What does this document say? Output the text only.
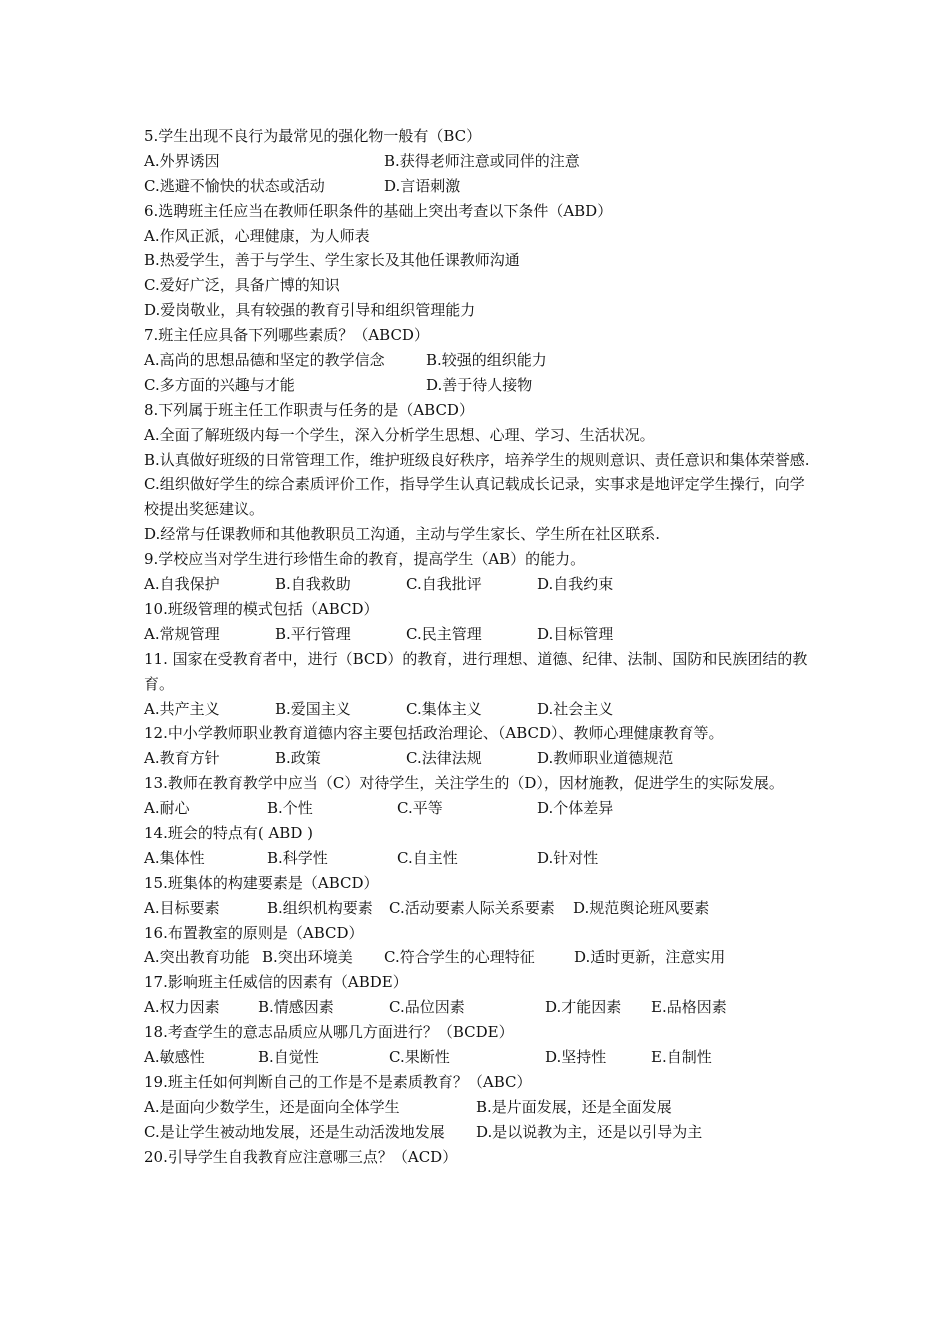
5.学生出现不良行为最常见的强化物一般有（BC）
A.外界诱因	B.获得老师注意或同伴的注意
C.逃避不愉快的状态或活动	D.言语刺激
6.选聘班主任应当在教师任职条件的基础上突出考查以下条件（ABD）
A.作风正派，心理健康，为人师表
B.热爱学生，善于与学生、学生家长及其他任课教师沟通
C.爱好广泛，具备广博的知识
D.爱岗敬业，具有较强的教育引导和组织管理能力
7.班主任应具备下列哪些素质？（ABCD）
A.高尚的思想品德和坚定的教学信念	B.较强的组织能力
C.多方面的兴趣与才能	D.善于待人接物
8.下列属于班主任工作职责与任务的是（ABCD）
A.全面了解班级内每一个学生，深入分析学生思想、心理、学习、生活状况。
B.认真做好班级的日常管理工作，维护班级良好秩序，培养学生的规则意识、责任意识和集体荣誉感.
C.组织做好学生的综合素质评价工作，指导学生认真记载成长记录，实事求是地评定学生操行，向学校提出奖惩建议。
D.经常与任课教师和其他教职员工沟通，主动与学生家长、学生所在社区联系.
9.学校应当对学生进行珍惜生命的教育，提高学生（AB）的能力。
A.自我保护	B.自我救助	C.自我批评	D.自我约束
10.班级管理的模式包括（ABCD）
A.常规管理	B.平行管理	C.民主管理	D.目标管理
11. 国家在受教育者中，进行（BCD）的教育，进行理想、道德、纪律、法制、国防和民族团结的教育。
A.共产主义	B.爱国主义	C.集体主义	D.社会主义
12.中小学教师职业教育道德内容主要包括政治理论、（ABCD）、教师心理健康教育等。
A.教育方针	B.政策	C.法律法规	D.教师职业道德规范
13.教师在教育教学中应当（C）对待学生，关注学生的（D），因材施教，促进学生的实际发展。
A.耐心	B.个性	C.平等	D.个体差异
14.班会的特点有( ABD )
A.集体性	B.科学性	C.自主性	D.针对性
15.班集体的构建要素是（ABCD）
A.目标要素	B.组织机构要素 C.活动要素人际关系要素 D.规范舆论班风要素
16.布置教室的原则是（ABCD）
A.突出教育功能 B.突出环境美 C.符合学生的心理特征	D.适时更新，注意实用
17.影响班主任威信的因素有（ABDE）
A.权力因素	B.情感因素	C.品位因素	D.才能因素 E.品格因素
18.考查学生的意志品质应从哪几方面进行？（BCDE）
A.敏感性	B.自觉性	C.果断性	D.坚持性	E.自制性
19.班主任如何判断自己的工作是不是素质教育？（ABC）
A.是面向少数学生，还是面向全体学生	B.是片面发展，还是全面发展
C.是让学生被动地发展，还是生动活泼地发展 D.是以说教为主，还是以引导为主
20.引导学生自我教育应注意哪三点？（ACD）
